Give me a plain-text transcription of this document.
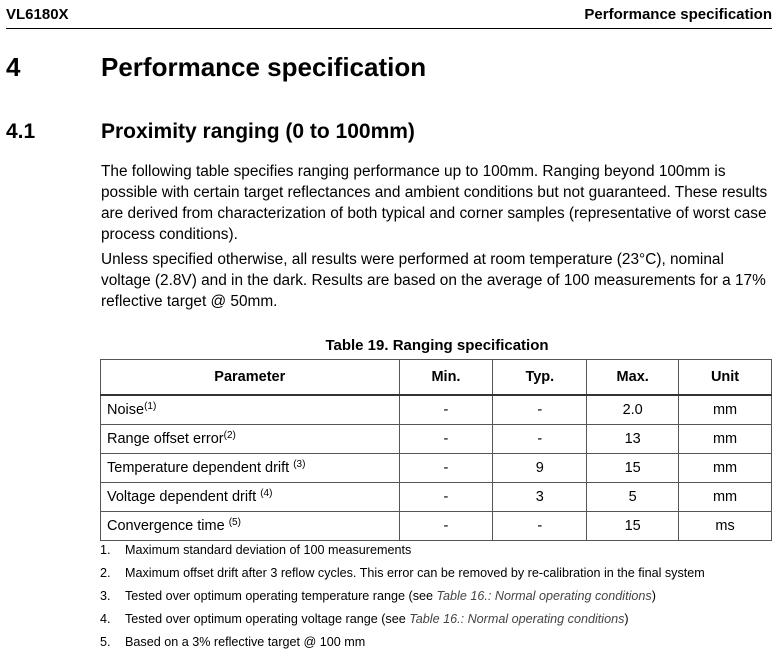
VL6180X	Performance specification
4	Performance specification
4.1	Proximity ranging (0 to 100mm)

The following table specifies ranging performance up to 100mm. Ranging beyond 100mm is possible with certain target reflectances and ambient conditions but not guaranteed. These results are derived from characterization of both typical and corner samples (representative of worst case process conditions).

Unless specified otherwise, all results were performed at room temperature (23°C), nominal voltage (2.8V) and in the dark. Results are based on the average of 100 measurements for a 17% reflective target @ 50mm.

Table 19. Ranging specification
Parameter	Min.	Typ.	Max.	Unit
Noise$^{(1)}$	-	-	2.0	mm
Range offset error$^{(2)}$	-	-	13	mm
Temperature dependent drift $^{(3)}$	-	9	15	mm
Voltage dependent drift $^{(4)}$	-	3	5	mm
Convergence time $^{(5)}$	-	-	15	ms
1. Maximum standard deviation of 100 measurements
2. Maximum offset drift after 3 reflow cycles. This error can be removed by re-calibration in the final system
3. Tested over optimum operating temperature range (see Table 16.: Normal operating conditions)
4. Tested over optimum operating voltage range (see Table 16.: Normal operating conditions)
5. Based on a 3% reflective target @ 100 mm
